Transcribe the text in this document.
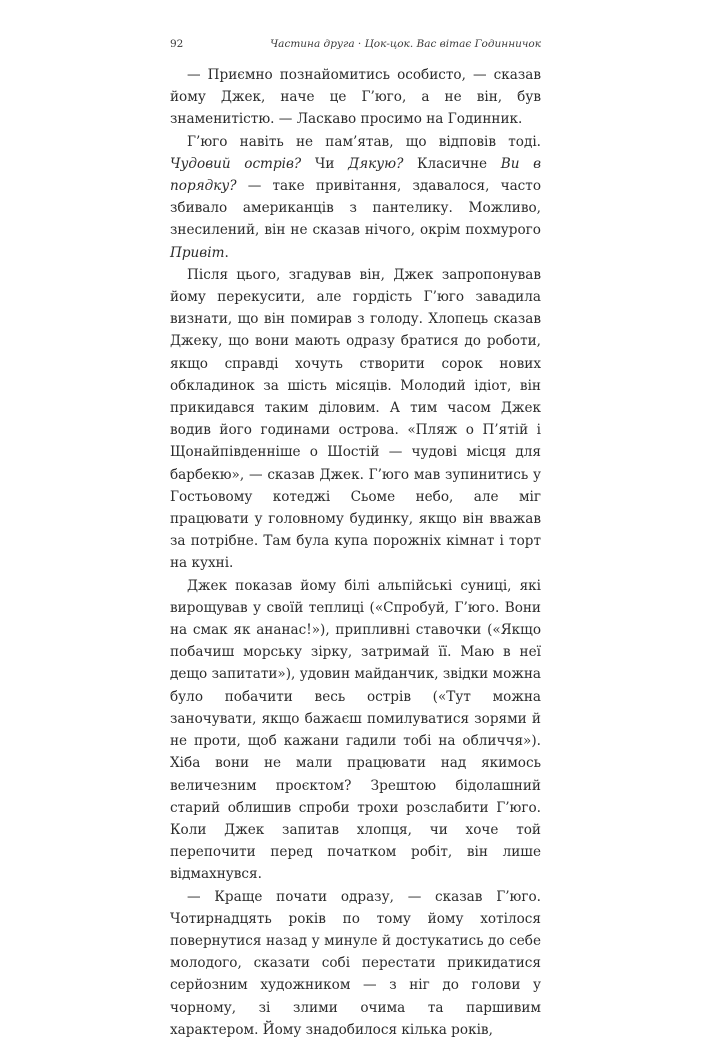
92	Частина друга · Цок-цок. Вас вітає Годинничок

— Приємно познайомитись особисто, — сказав йому Джек, наче це Г’юго, а не він, був знаменитістю. — Ласкаво просимо на Годинник.

Г’юго навіть не пам’ятав, що відповів тоді. Чудовий острів? Чи Дякую? Класичне Ви в порядку? — таке привітання, здавалося, часто збивало американців з пантелику. Можливо, знесилений, він не сказав нічого, окрім похмурого Привіт.

Після цього, згадував він, Джек запропонував йому перекусити, але гордість Г’юго завадила визнати, що він помирав з голоду. Хлопець сказав Джеку, що вони мають одразу братися до роботи, якщо справді хочуть створити сорок нових обкладинок за шість місяців. Молодий ідіот, він прикидався таким діловим. А тим часом Джек водив його годинами острова. «Пляж о П’ятій і Щонайпівденніше о Шостій — чудові місця для барбекю», — сказав Джек. Г’юго мав зупинитись у Гостьовому котеджі Сьоме небо, але міг працювати у головному будинку, якщо він вважав за потрібне. Там була купа порожніх кімнат і торт на кухні.

Джек показав йому білі альпійські суниці, які вирощував у своїй теплиці («Спробуй, Г’юго. Вони на смак як ананас!»), припливні ставочки («Якщо побачиш морську зірку, затримай її. Маю в неї дещо запитати»), удовин майданчик, звідки можна було побачити весь острів («Тут можна заночувати, якщо бажаєш помилуватися зорями й не проти, щоб кажани гадили тобі на обличчя»). Хіба вони не мали працювати над якимось величезним проєктом? Зрештою бідолашний старий облишив спроби трохи розслабити Г’юго. Коли Джек запитав хлопця, чи хоче той перепочити перед початком робіт, він лише відмахнувся.

— Краще почати одразу, — сказав Г’юго. Чотирнадцять років по тому йому хотілося повернутися назад у минуле й достукатись до себе молодого, сказати собі перестати прикидатися серйозним художником — з ніг до голови у чорному, зі злими очима та паршивим характером. Йому знадобилося кілька років,
